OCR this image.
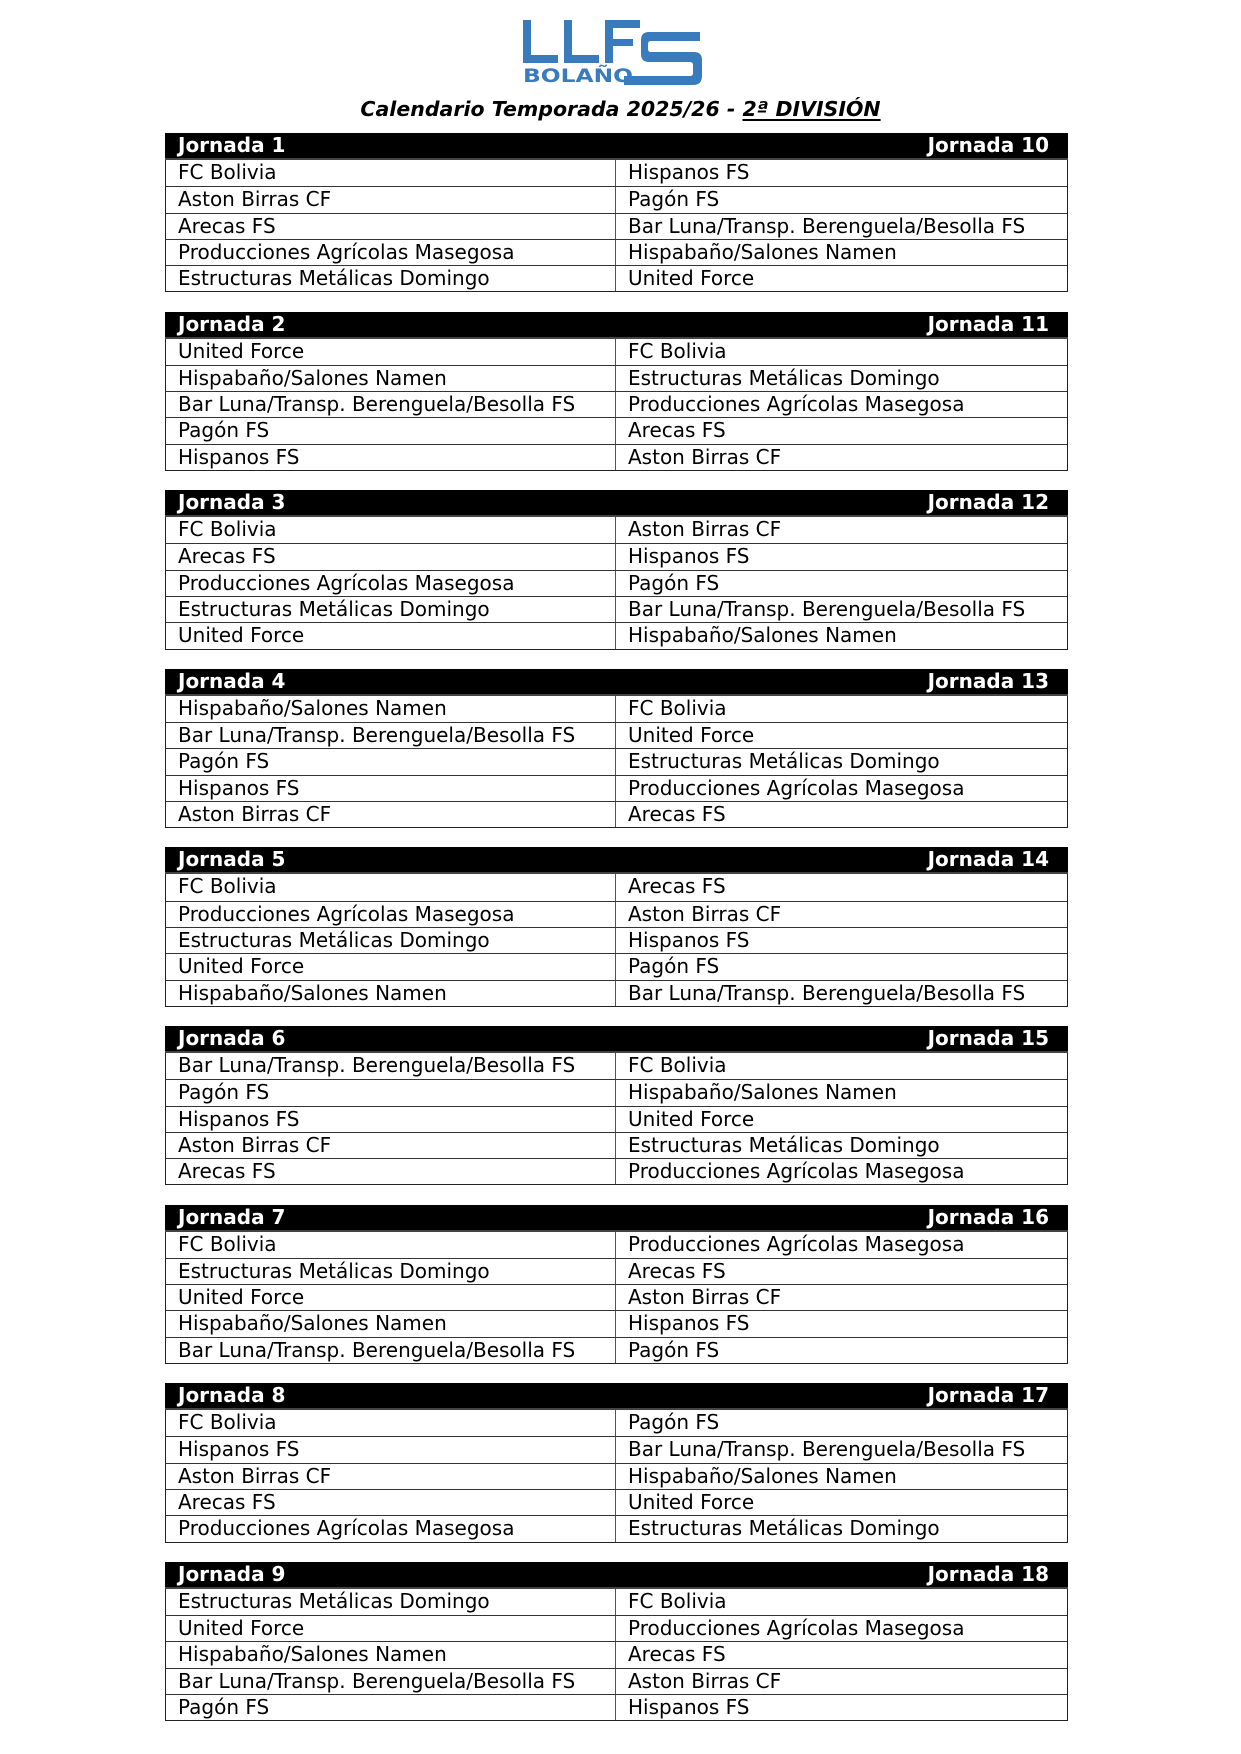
BOLAÑO
Calendario Temporada 2025/26 - 2ª DIVISIÓN
Jornada 1	Jornada 10
FC Bolivia	Hispanos FS
Aston Birras CF	Pagón FS
Arecas FS	Bar Luna/Transp. Berenguela/Besolla FS
Producciones Agrícolas Masegosa	Hispabaño/Salones Namen
Estructuras Metálicas Domingo	United Force
Jornada 2	Jornada 11
United Force	FC Bolivia
Hispabaño/Salones Namen	Estructuras Metálicas Domingo
Bar Luna/Transp. Berenguela/Besolla FS	Producciones Agrícolas Masegosa
Pagón FS	Arecas FS
Hispanos FS	Aston Birras CF
Jornada 3	Jornada 12
FC Bolivia	Aston Birras CF
Arecas FS	Hispanos FS
Producciones Agrícolas Masegosa	Pagón FS
Estructuras Metálicas Domingo	Bar Luna/Transp. Berenguela/Besolla FS
United Force	Hispabaño/Salones Namen
Jornada 4	Jornada 13
Hispabaño/Salones Namen	FC Bolivia
Bar Luna/Transp. Berenguela/Besolla FS	United Force
Pagón FS	Estructuras Metálicas Domingo
Hispanos FS	Producciones Agrícolas Masegosa
Aston Birras CF	Arecas FS
Jornada 5	Jornada 14
FC Bolivia	Arecas FS
Producciones Agrícolas Masegosa	Aston Birras CF
Estructuras Metálicas Domingo	Hispanos FS
United Force	Pagón FS
Hispabaño/Salones Namen	Bar Luna/Transp. Berenguela/Besolla FS
Jornada 6	Jornada 15
Bar Luna/Transp. Berenguela/Besolla FS	FC Bolivia
Pagón FS	Hispabaño/Salones Namen
Hispanos FS	United Force
Aston Birras CF	Estructuras Metálicas Domingo
Arecas FS	Producciones Agrícolas Masegosa
Jornada 7	Jornada 16
FC Bolivia	Producciones Agrícolas Masegosa
Estructuras Metálicas Domingo	Arecas FS
United Force	Aston Birras CF
Hispabaño/Salones Namen	Hispanos FS
Bar Luna/Transp. Berenguela/Besolla FS	Pagón FS
Jornada 8	Jornada 17
FC Bolivia	Pagón FS
Hispanos FS	Bar Luna/Transp. Berenguela/Besolla FS
Aston Birras CF	Hispabaño/Salones Namen
Arecas FS	United Force
Producciones Agrícolas Masegosa	Estructuras Metálicas Domingo
Jornada 9	Jornada 18
Estructuras Metálicas Domingo	FC Bolivia
United Force	Producciones Agrícolas Masegosa
Hispabaño/Salones Namen	Arecas FS
Bar Luna/Transp. Berenguela/Besolla FS	Aston Birras CF
Pagón FS	Hispanos FS
